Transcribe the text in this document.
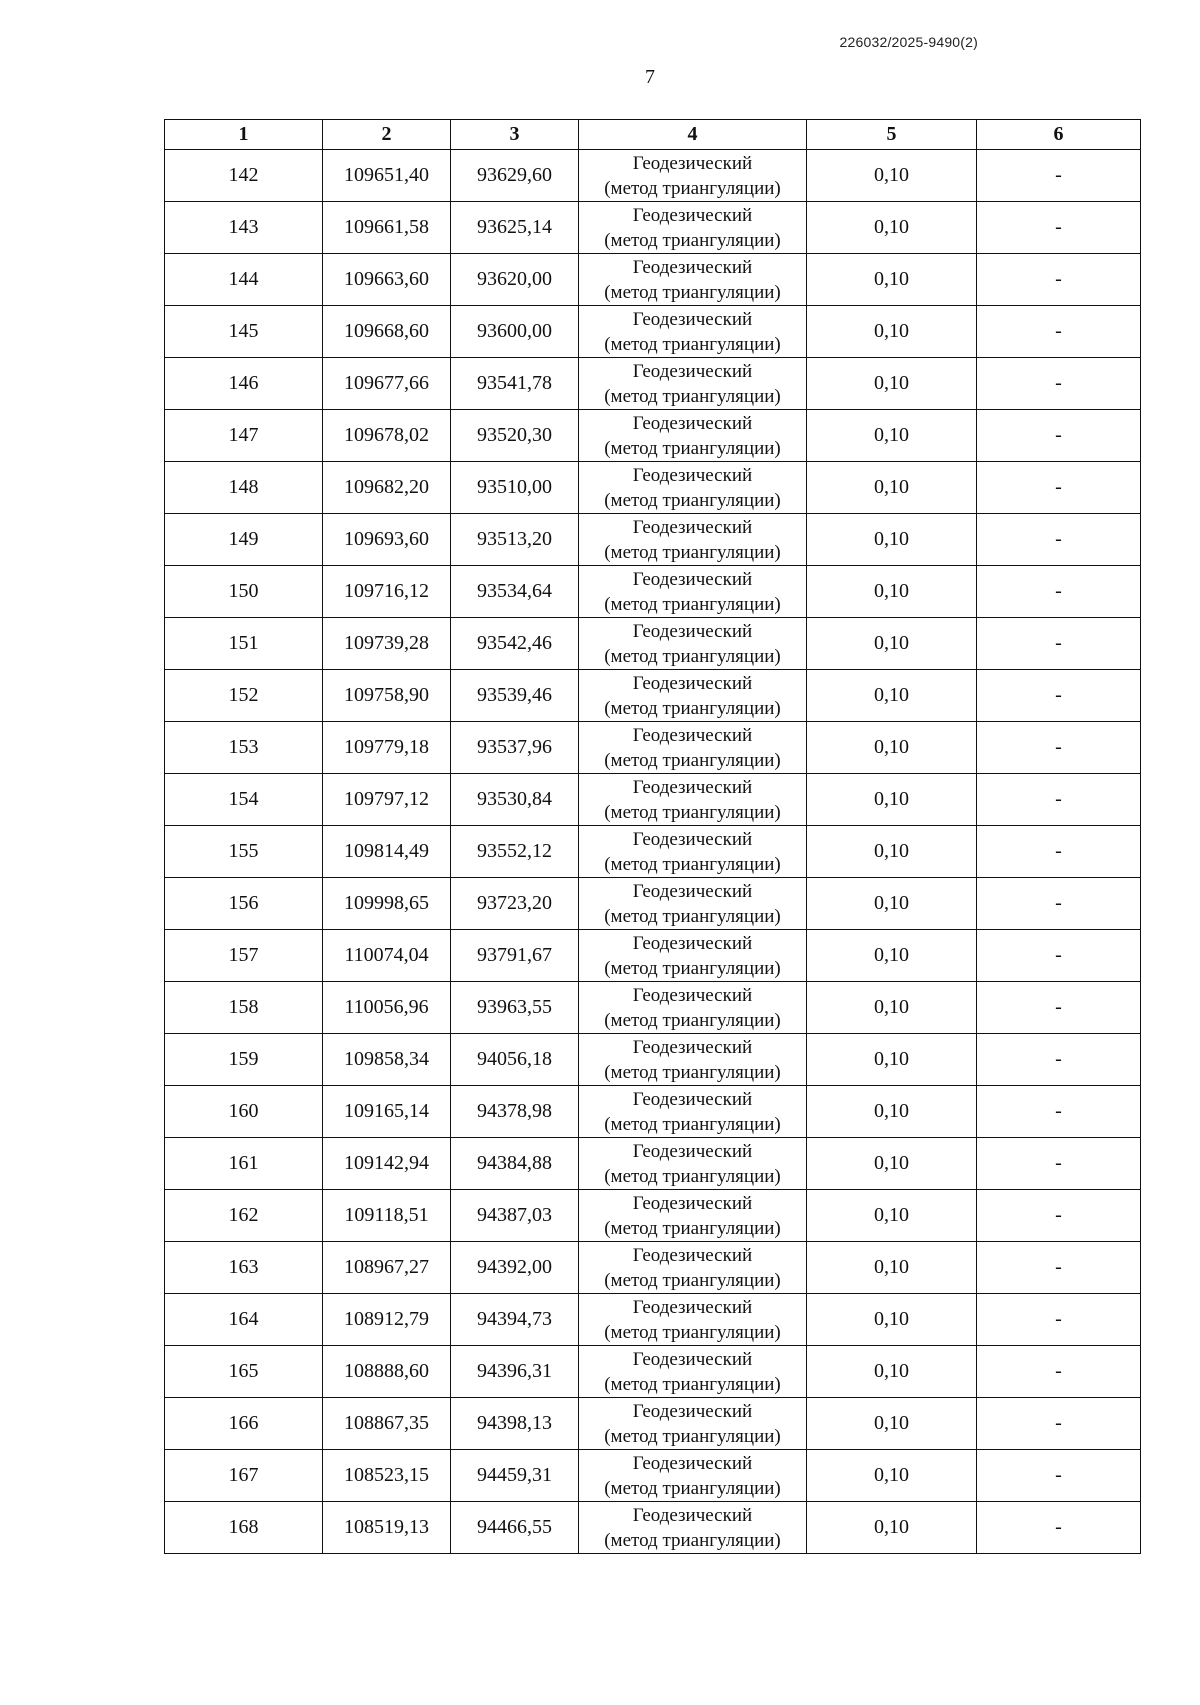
226032/2025-9490(2)
7
1	2	3	4	5	6
142	109651,40	93629,60	Геодезический
(метод триангуляции)	0,10	-
143	109661,58	93625,14	Геодезический
(метод триангуляции)	0,10	-
144	109663,60	93620,00	Геодезический
(метод триангуляции)	0,10	-
145	109668,60	93600,00	Геодезический
(метод триангуляции)	0,10	-
146	109677,66	93541,78	Геодезический
(метод триангуляции)	0,10	-
147	109678,02	93520,30	Геодезический
(метод триангуляции)	0,10	-
148	109682,20	93510,00	Геодезический
(метод триангуляции)	0,10	-
149	109693,60	93513,20	Геодезический
(метод триангуляции)	0,10	-
150	109716,12	93534,64	Геодезический
(метод триангуляции)	0,10	-
151	109739,28	93542,46	Геодезический
(метод триангуляции)	0,10	-
152	109758,90	93539,46	Геодезический
(метод триангуляции)	0,10	-
153	109779,18	93537,96	Геодезический
(метод триангуляции)	0,10	-
154	109797,12	93530,84	Геодезический
(метод триангуляции)	0,10	-
155	109814,49	93552,12	Геодезический
(метод триангуляции)	0,10	-
156	109998,65	93723,20	Геодезический
(метод триангуляции)	0,10	-
157	110074,04	93791,67	Геодезический
(метод триангуляции)	0,10	-
158	110056,96	93963,55	Геодезический
(метод триангуляции)	0,10	-
159	109858,34	94056,18	Геодезический
(метод триангуляции)	0,10	-
160	109165,14	94378,98	Геодезический
(метод триангуляции)	0,10	-
161	109142,94	94384,88	Геодезический
(метод триангуляции)	0,10	-
162	109118,51	94387,03	Геодезический
(метод триангуляции)	0,10	-
163	108967,27	94392,00	Геодезический
(метод триангуляции)	0,10	-
164	108912,79	94394,73	Геодезический
(метод триангуляции)	0,10	-
165	108888,60	94396,31	Геодезический
(метод триангуляции)	0,10	-
166	108867,35	94398,13	Геодезический
(метод триангуляции)	0,10	-
167	108523,15	94459,31	Геодезический
(метод триангуляции)	0,10	-
168	108519,13	94466,55	Геодезический
(метод триангуляции)	0,10	-
